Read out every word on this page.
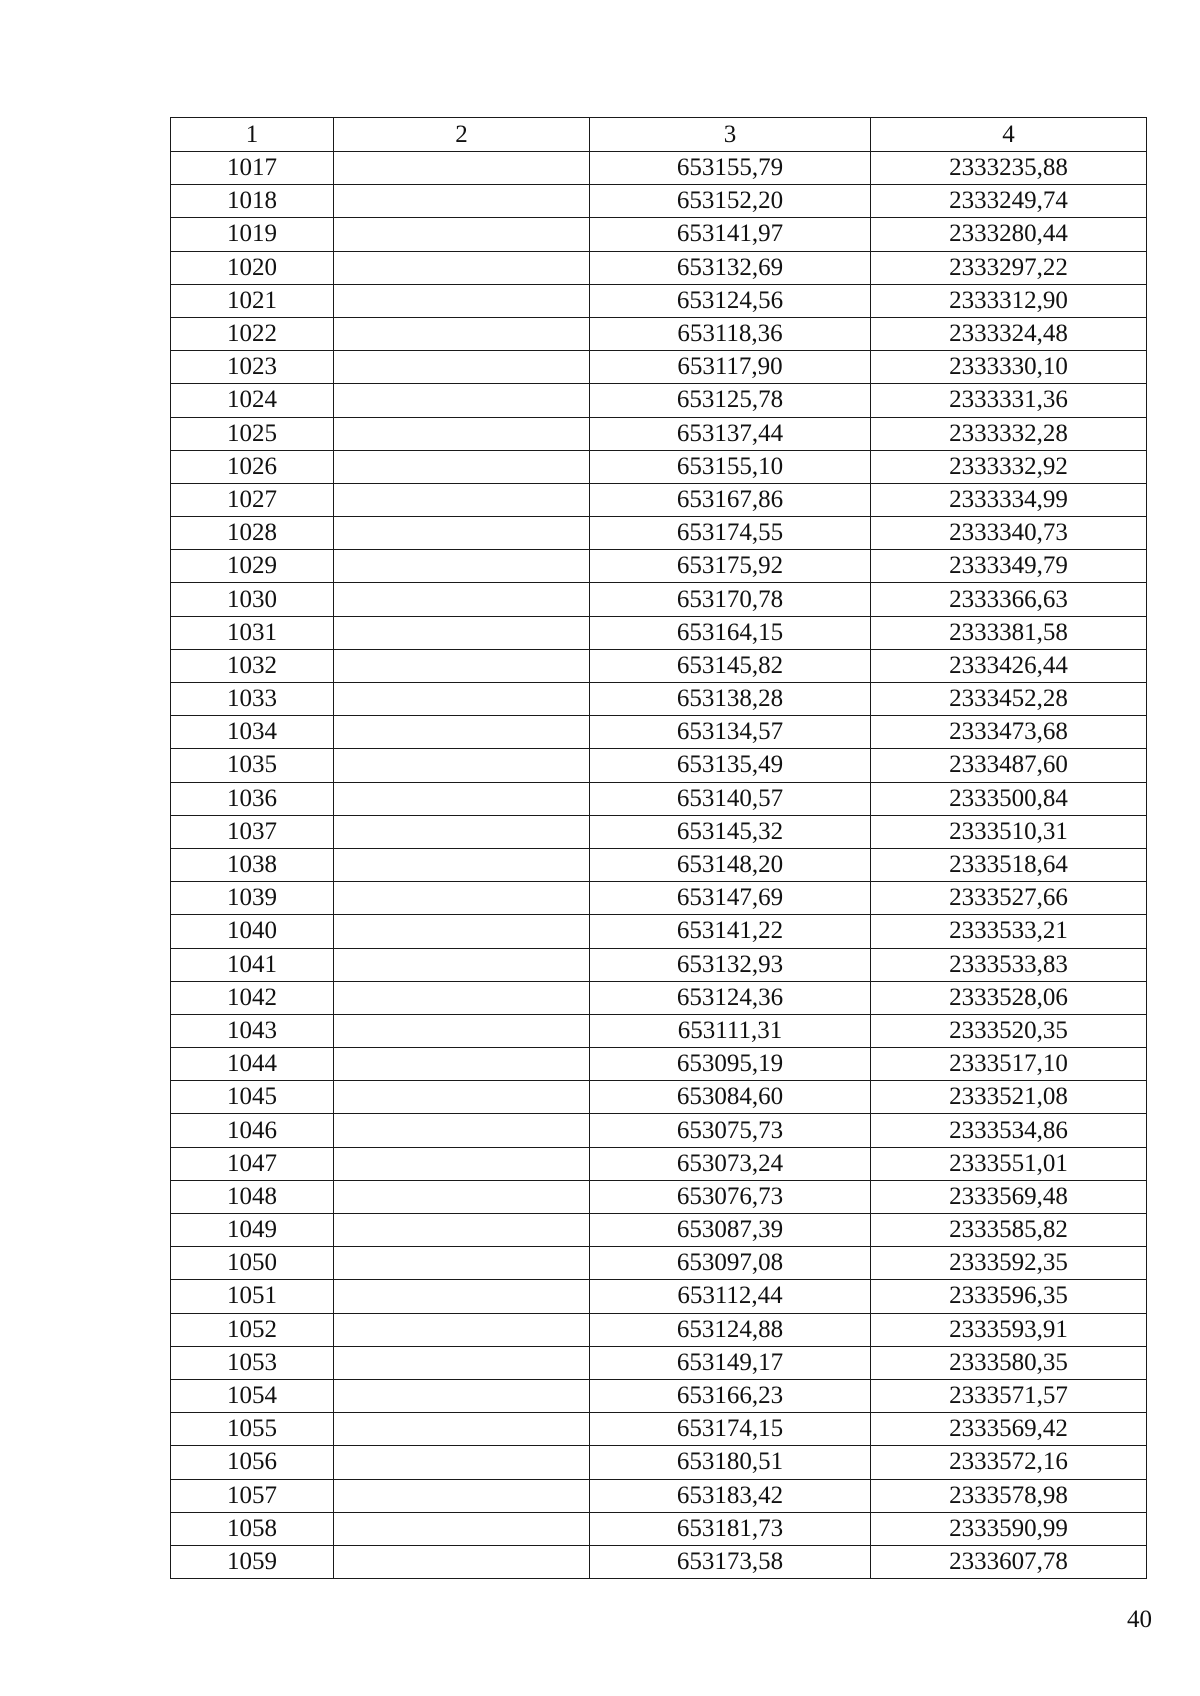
1	2	3	4
1017		653155,79	2333235,88
1018		653152,20	2333249,74
1019		653141,97	2333280,44
1020		653132,69	2333297,22
1021		653124,56	2333312,90
1022		653118,36	2333324,48
1023		653117,90	2333330,10
1024		653125,78	2333331,36
1025		653137,44	2333332,28
1026		653155,10	2333332,92
1027		653167,86	2333334,99
1028		653174,55	2333340,73
1029		653175,92	2333349,79
1030		653170,78	2333366,63
1031		653164,15	2333381,58
1032		653145,82	2333426,44
1033		653138,28	2333452,28
1034		653134,57	2333473,68
1035		653135,49	2333487,60
1036		653140,57	2333500,84
1037		653145,32	2333510,31
1038		653148,20	2333518,64
1039		653147,69	2333527,66
1040		653141,22	2333533,21
1041		653132,93	2333533,83
1042		653124,36	2333528,06
1043		653111,31	2333520,35
1044		653095,19	2333517,10
1045		653084,60	2333521,08
1046		653075,73	2333534,86
1047		653073,24	2333551,01
1048		653076,73	2333569,48
1049		653087,39	2333585,82
1050		653097,08	2333592,35
1051		653112,44	2333596,35
1052		653124,88	2333593,91
1053		653149,17	2333580,35
1054		653166,23	2333571,57
1055		653174,15	2333569,42
1056		653180,51	2333572,16
1057		653183,42	2333578,98
1058		653181,73	2333590,99
1059		653173,58	2333607,78
40
